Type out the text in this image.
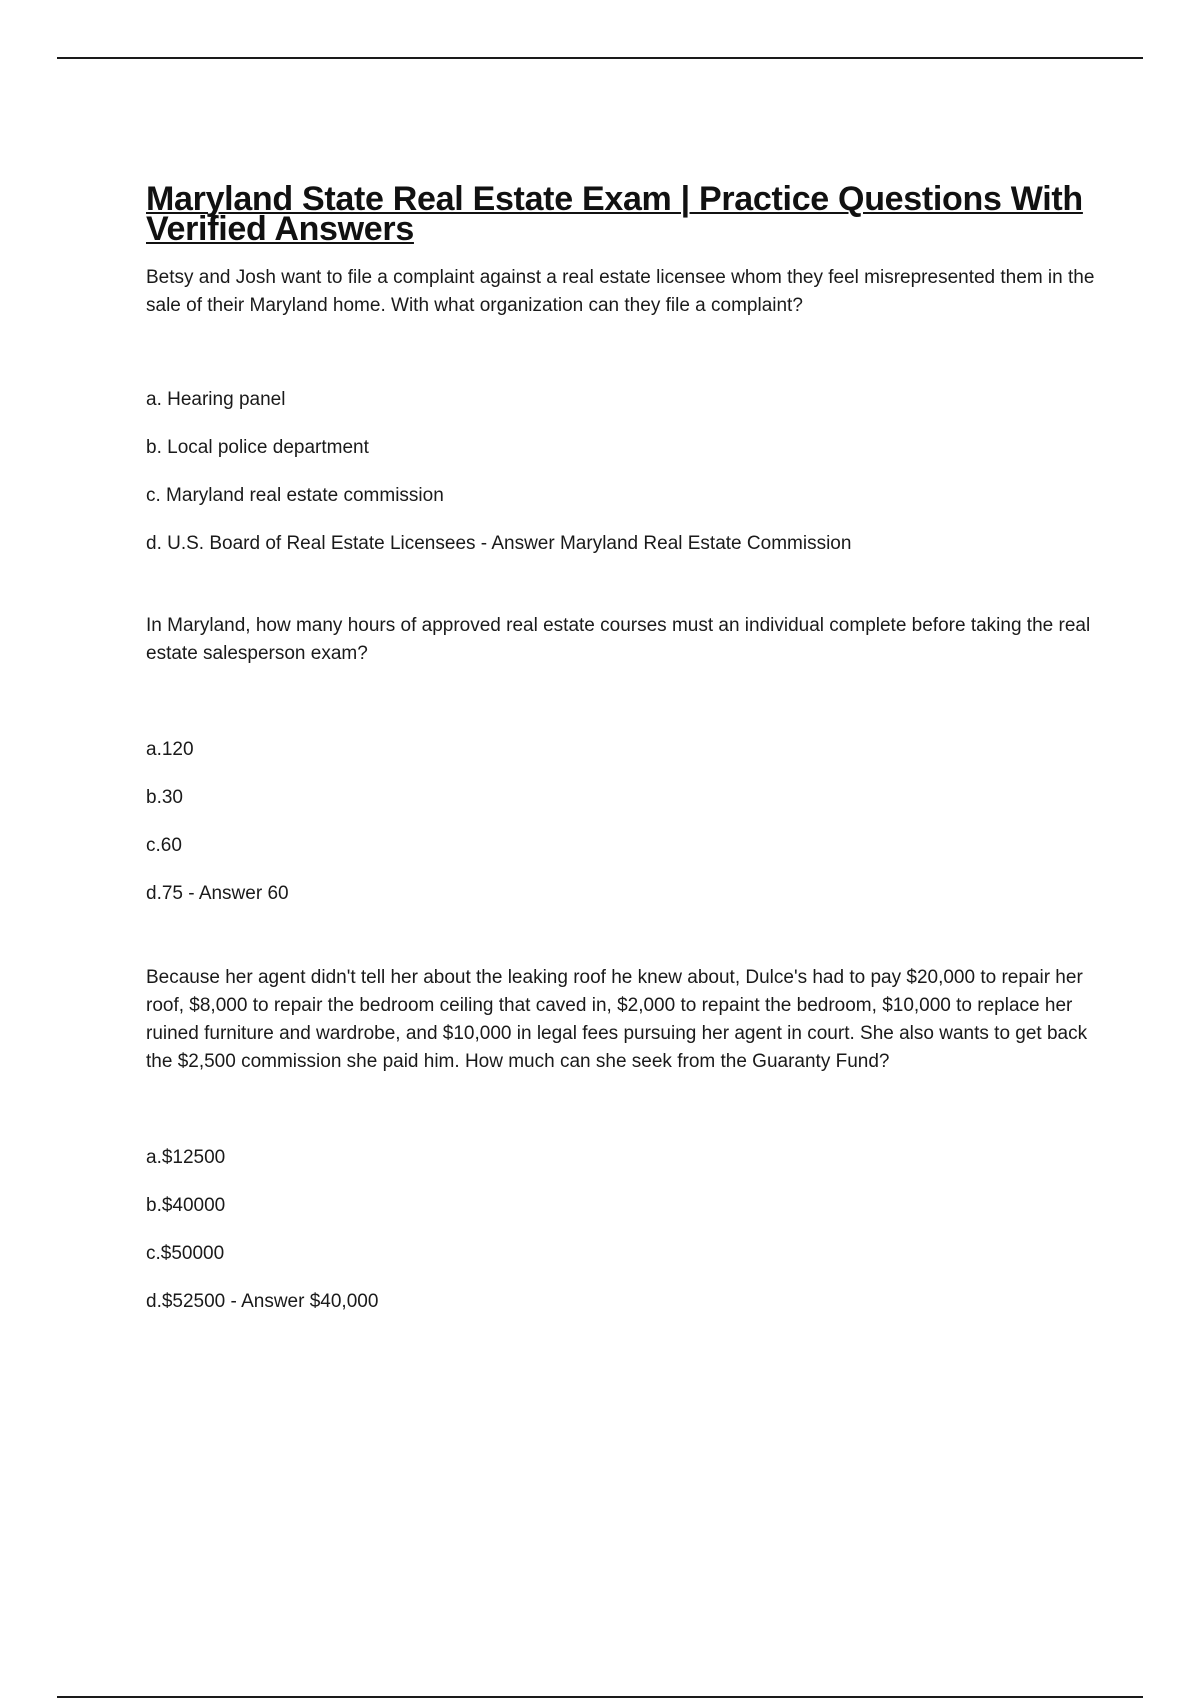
Maryland State Real Estate Exam | Practice Questions With Verified Answers

Betsy and Josh want to file a complaint against a real estate licensee whom they feel misrepresented them in the sale of their Maryland home. With what organization can they file a complaint?

a. Hearing panel
b. Local police department
c. Maryland real estate commission
d. U.S. Board of Real Estate Licensees - Answer Maryland Real Estate Commission

In Maryland, how many hours of approved real estate courses must an individual complete before taking the real estate salesperson exam?

a.120
b.30
c.60
d.75 - Answer 60

Because her agent didn't tell her about the leaking roof he knew about, Dulce's had to pay $20,000 to repair her roof, $8,000 to repair the bedroom ceiling that caved in, $2,000 to repaint the bedroom, $10,000 to replace her ruined furniture and wardrobe, and $10,000 in legal fees pursuing her agent in court. She also wants to get back the $2,500 commission she paid him. How much can she seek from the Guaranty Fund?

a.$12500
b.$40000
c.$50000
d.$52500 - Answer $40,000
